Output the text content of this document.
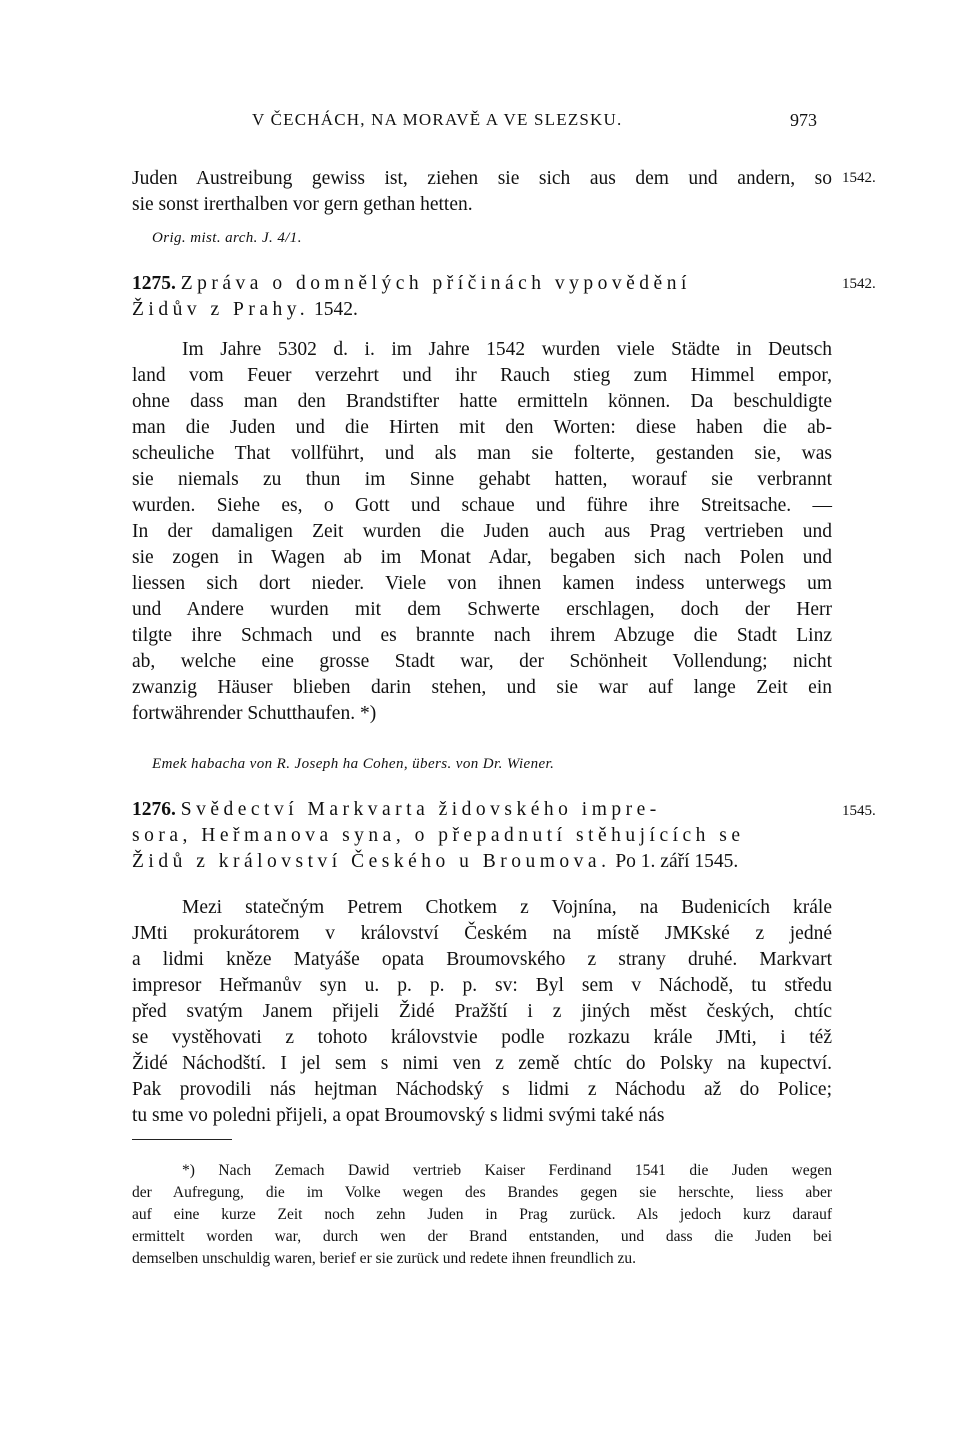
V ČECHÁCH, NA MORAVĚ A VE SLEZSKU.	973
Juden Austreibung gewiss ist, ziehen sie sich aus dem und andern, so
sie sonst irerthalben vor gern gethan hetten.
1542.
Orig. mist. arch. J. 4/1.
1275. Zpráva o domnělých příčinách vypovědění
Židův z Prahy. 1542.
1542.
Im Jahre 5302 d. i. im Jahre 1542 wurden viele Städte in Deutsch
land vom Feuer verzehrt und ihr Rauch stieg zum Himmel empor,
ohne dass man den Brandstifter hatte ermitteln können. Da beschuldigte
man die Juden und die Hirten mit den Worten: diese haben die ab-
scheuliche That vollführt, und als man sie folterte, gestanden sie, was
sie niemals zu thun im Sinne gehabt hatten, worauf sie verbrannt
wurden. Siehe es, o Gott und schaue und führe ihre Streitsache. —
In der damaligen Zeit wurden die Juden auch aus Prag vertrieben und
sie zogen in Wagen ab im Monat Adar, begaben sich nach Polen und
liessen sich dort nieder. Viele von ihnen kamen indess unterwegs um
und Andere wurden mit dem Schwerte erschlagen, doch der Herr
tilgte ihre Schmach und es brannte nach ihrem Abzuge die Stadt Linz
ab, welche eine grosse Stadt war, der Schönheit Vollendung; nicht
zwanzig Häuser blieben darin stehen, und sie war auf lange Zeit ein
fortwährender Schutthaufen. *)
Emek habacha von R. Joseph ha Cohen, übers. von Dr. Wiener.
1276. Svědectví Markvarta židovského impre-
sora, Heřmanova syna, o přepadnutí stěhujících se
Židů z království Českého u Broumova. Po 1. září 1545.
1545.
Mezi statečným Petrem Chotkem z Vojnína, na Budenicích krále
JMti prokurátorem v království Českém na místě JMKské z jedné
a lidmi kněze Matyáše opata Broumovského z strany druhé. Markvart
impresor Heřmanův syn u. p. p. p. sv: Byl sem v Náchodě, tu středu
před svatým Janem přijeli Židé Pražští i z jiných měst českých, chtíc
se vystěhovati z tohoto královstvie podle rozkazu krále JMti, i též
Židé Náchodští. I jel sem s nimi ven z země chtíc do Polsky na kupectví.
Pak provodili nás hejtman Náchodský s lidmi z Náchodu až do Police;
tu sme vo poledni přijeli, a opat Broumovský s lidmi svými také nás
*) Nach Zemach Dawid vertrieb Kaiser Ferdinand 1541 die Juden wegen
der Aufregung, die im Volke wegen des Brandes gegen sie herschte, liess aber
auf eine kurze Zeit noch zehn Juden in Prag zurück. Als jedoch kurz darauf
ermittelt worden war, durch wen der Brand entstanden, und dass die Juden bei
demselben unschuldig waren, berief er sie zurück und redete ihnen freundlich zu.
